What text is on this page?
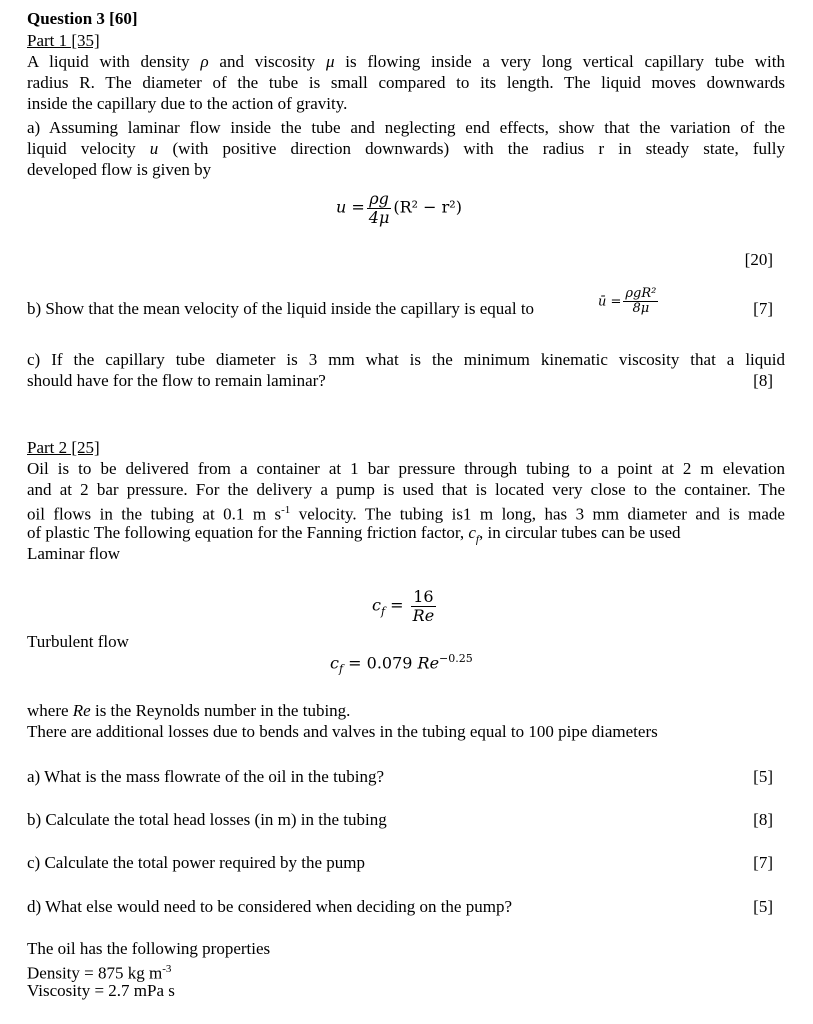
Question 3 [60]
Part 1 [35]
A liquid with density ρ and viscosity μ is flowing inside a very long vertical capillary tube with
radius R. The diameter of the tube is small compared to its length. The liquid moves downwards
inside the capillary due to the action of gravity.
a) Assuming laminar flow inside the tube and neglecting end effects, show that the variation of the
liquid velocity u (with positive direction downwards) with the radius r in steady state, fully
developed flow is given by
$u = \frac{\rho g}{4\mu} (R^2 - r^2)$
[20]
b) Show that the mean velocity of the liquid inside the capillary is equal to	ū = $\frac{\text{ρgR²}}{8\mu}$	[7]
c) If the capillary tube diameter is 3 mm what is the minimum kinematic viscosity that a liquid
should have for the flow to remain laminar?	[8]
Part 2 [25]
Oil is to be delivered from a container at 1 bar pressure through tubing to a point at 2 m elevation
and at 2 bar pressure. For the delivery a pump is used that is located very close to the container. The
oil flows in the tubing at 0.1 m $s^{-1}$ velocity. The tubing is1 m long, has 3 mm diameter and is made
of plastic The following equation for the Fanning friction factor, $c_f$, in circular tubes can be used
Laminar flow
$c_f = \frac{16}{Re}$
Turbulent flow
$c_f = 0.079$ $Re^{-0.25}$
where Re is the Reynolds number in the tubing.
There are additional losses due to bends and valves in the tubing equal to 100 pipe diameters
a) What is the mass flowrate of the oil in the tubing?	[5]
b) Calculate the total head losses (in m) in the tubing	[8]
c) Calculate the total power required by the pump	[7]
d) What else would need to be considered when deciding on the pump?	[5]
The oil has the following properties
Density = 875 kg $m^{-3}$
Viscosity = 2.7 mPa s
